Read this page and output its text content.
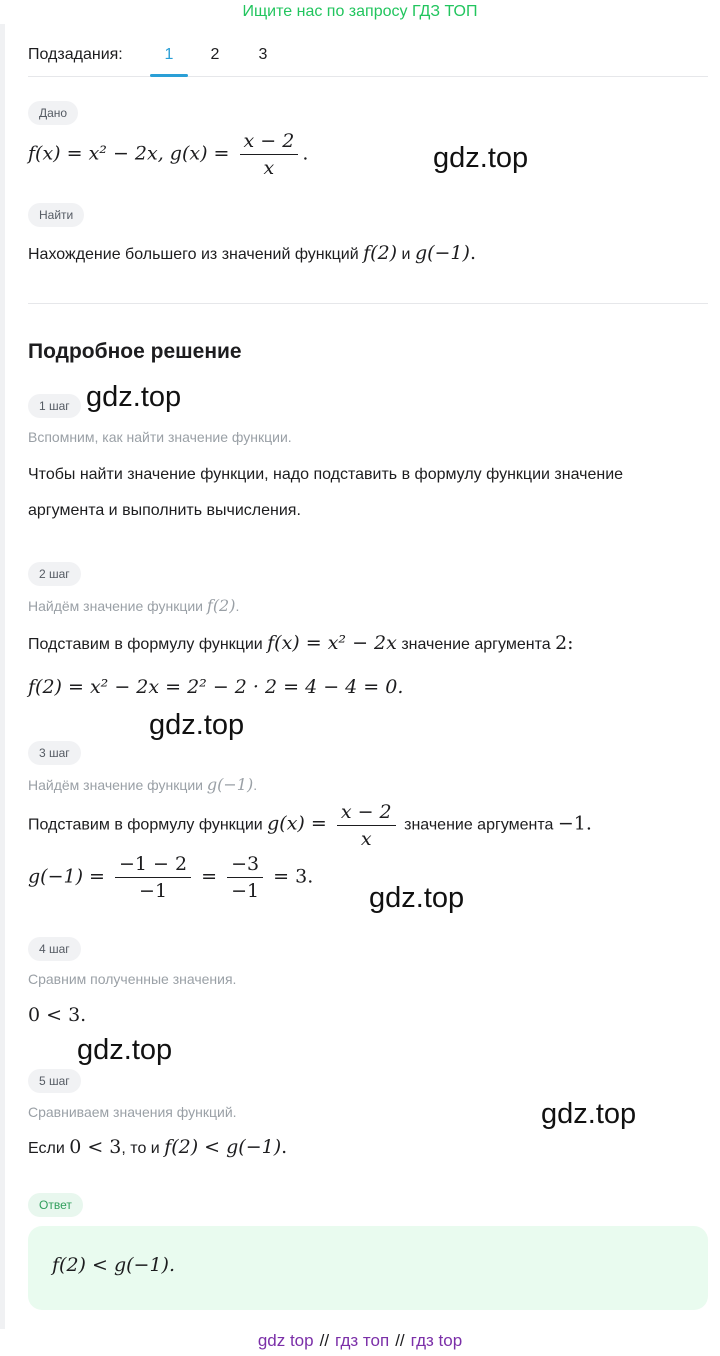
Ищите нас по запросу ГДЗ ТОП
Подзадания:	1	2	3
Дано
f(x) = x² − 2x, $g(x) = \frac{x - 2}{x}$ .
Найти
Нахождение большего из значений функций f(2) и g(−1).
Подробное решение
1 шаг
Вспомним, как найти значение функции.
Чтобы найти значение функции, надо подставить в формулу функции значение
аргумента и выполнить вычисления.
2 шаг
Найдём значение функции f(2).
Подставим в формулу функции f(x) = x² − 2x значение аргумента 2:
f(2) = x² − 2x = 2² − 2 · 2 = 4 − 4 = 0.
3 шаг
Найдём значение функции g(−1).
Подставим в формулу функции $g(x) = \frac{x - 2}{x}$ значение аргумента −1.
$g(-1) = \frac{-1 - 2}{-1} = \frac{-3}{-1} = 3$.
4 шаг
Сравним полученные значения.
0 < 3.
5 шаг
Сравниваем значения функций.
Если 0 < 3, то и f(2) < g(−1).
Ответ
f(2) < g(−1).
gdz.top
gdz.top
gdz.top
gdz.top
gdz.top
gdz.top
gdz top // гдз топ // гдз top
